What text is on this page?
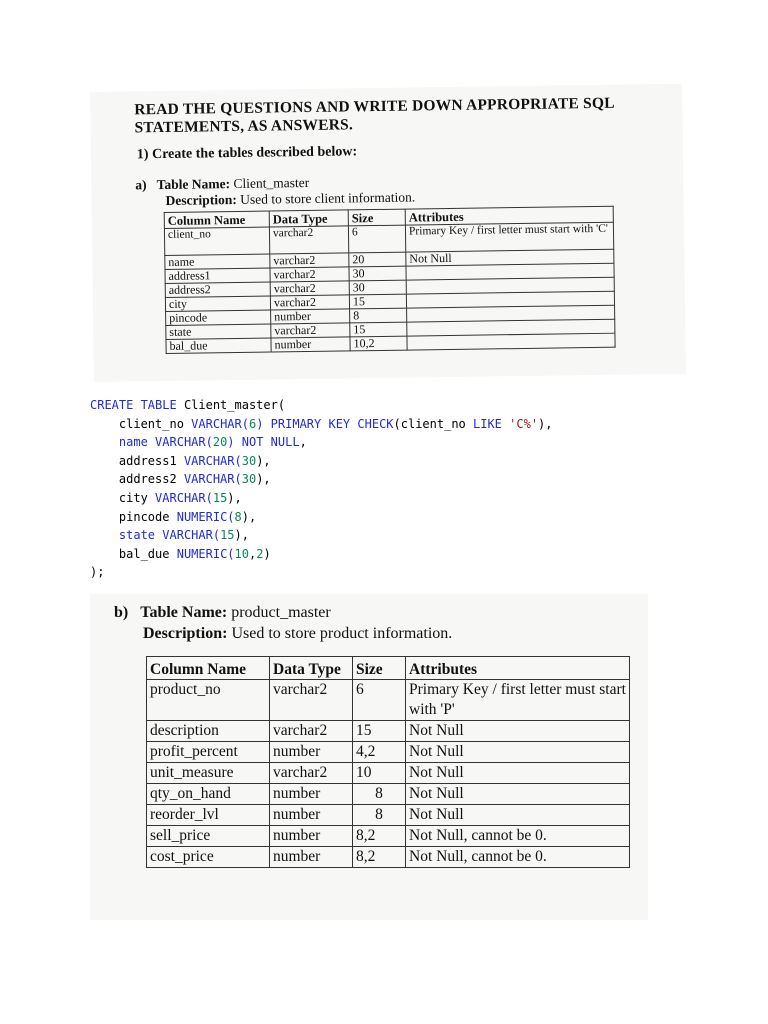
READ THE QUESTIONS AND WRITE DOWN APPROPRIATE SQL
STATEMENTS, AS ANSWERS.
1) Create the tables described below:
a) Table Name: Client_master
Description: Used to store client information.
Column Name	Data Type	Size	Attributes
client_no	varchar2	6	Primary Key / first letter must start with 'C'
name	varchar2	20	Not Null
address1	varchar2	30	
address2	varchar2	30	
city	varchar2	15	
pincode	number	8	
state	varchar2	15	
bal_due	number	10,2	
CREATE TABLE Client_master(
client_no VARCHAR(6) PRIMARY KEY CHECK(client_no LIKE 'C%'),
name VARCHAR(20) NOT NULL,
address1 VARCHAR(30),
address2 VARCHAR(30),
city VARCHAR(15),
pincode NUMERIC(8),
state VARCHAR(15),
bal_due NUMERIC(10,2)
);
b) Table Name: product_master
Description: Used to store product information.
Column Name	Data Type	Size	Attributes
product_no	varchar2	6	Primary Key / first letter must start with 'P'
description	varchar2	15	Not Null
profit_percent	number	4,2	Not Null
unit_measure	varchar2	10	Not Null
qty_on_hand	number	8	Not Null
reorder_lvl	number	8	Not Null
sell_price	number	8,2	Not Null, cannot be 0.
cost_price	number	8,2	Not Null, cannot be 0.
